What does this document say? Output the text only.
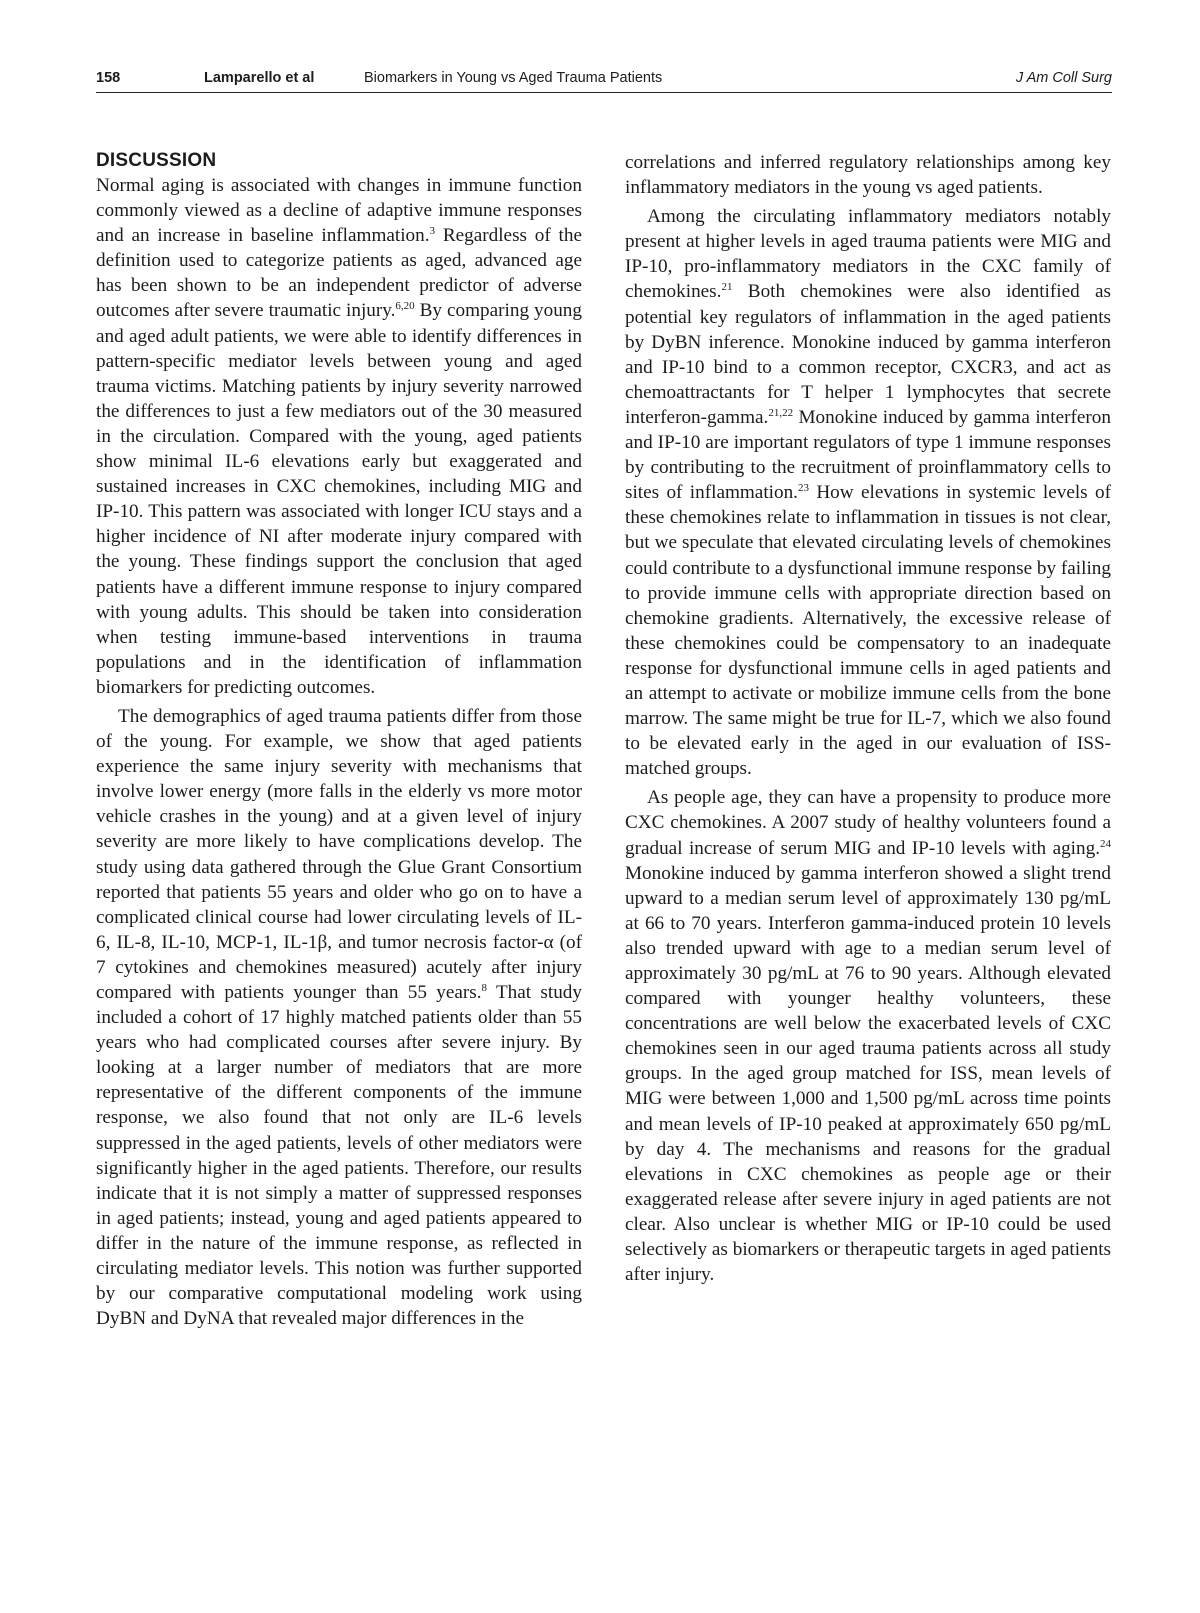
158	Lamparello et al	Biomarkers in Young vs Aged Trauma Patients	J Am Coll Surg
DISCUSSION

Normal aging is associated with changes in immune function commonly viewed as a decline of adaptive immune responses and an increase in baseline inflammation.$^3$ Regardless of the definition used to categorize patients as aged, advanced age has been shown to be an independent predictor of adverse outcomes after severe traumatic injury.$^{6,20}$ By comparing young and aged adult patients, we were able to identify differences in pattern-specific mediator levels between young and aged trauma victims. Matching patients by injury severity narrowed the differences to just a few mediators out of the 30 measured in the circulation. Compared with the young, aged patients show minimal IL-6 elevations early but exaggerated and sustained increases in CXC chemokines, including MIG and IP-10. This pattern was associated with longer ICU stays and a higher incidence of NI after moderate injury compared with the young. These findings support the conclusion that aged patients have a different immune response to injury compared with young adults. This should be taken into consideration when testing immune-based interventions in trauma populations and in the identification of inflammation biomarkers for predicting outcomes.

The demographics of aged trauma patients differ from those of the young. For example, we show that aged patients experience the same injury severity with mechanisms that involve lower energy (more falls in the elderly vs more motor vehicle crashes in the young) and at a given level of injury severity are more likely to have complications develop. The study using data gathered through the Glue Grant Consortium reported that patients 55 years and older who go on to have a complicated clinical course had lower circulating levels of IL-6, IL-8, IL-10, MCP-1, IL-1β, and tumor necrosis factor-α (of 7 cytokines and chemokines measured) acutely after injury compared with patients younger than 55 years.$^8$ That study included a cohort of 17 highly matched patients older than 55 years who had complicated courses after severe injury. By looking at a larger number of mediators that are more representative of the different components of the immune response, we also found that not only are IL-6 levels suppressed in the aged patients, levels of other mediators were significantly higher in the aged patients. Therefore, our results indicate that it is not simply a matter of suppressed responses in aged patients; instead, young and aged patients appeared to differ in the nature of the immune response, as reflected in circulating mediator levels. This notion was further supported by our comparative computational modeling work using DyBN and DyNA that revealed major differences in the

correlations and inferred regulatory relationships among key inflammatory mediators in the young vs aged patients.

Among the circulating inflammatory mediators notably present at higher levels in aged trauma patients were MIG and IP-10, pro-inflammatory mediators in the CXC family of chemokines.$^{21}$ Both chemokines were also identified as potential key regulators of inflammation in the aged patients by DyBN inference. Monokine induced by gamma interferon and IP-10 bind to a common receptor, CXCR3, and act as chemoattractants for T helper 1 lymphocytes that secrete interferon-gamma.$^{21,22}$ Monokine induced by gamma interferon and IP-10 are important regulators of type 1 immune responses by contributing to the recruitment of proinflammatory cells to sites of inflammation.$^{23}$ How elevations in systemic levels of these chemokines relate to inflammation in tissues is not clear, but we speculate that elevated circulating levels of chemokines could contribute to a dysfunctional immune response by failing to provide immune cells with appropriate direction based on chemokine gradients. Alternatively, the excessive release of these chemokines could be compensatory to an inadequate response for dysfunctional immune cells in aged patients and an attempt to activate or mobilize immune cells from the bone marrow. The same might be true for IL-7, which we also found to be elevated early in the aged in our evaluation of ISS-matched groups.

As people age, they can have a propensity to produce more CXC chemokines. A 2007 study of healthy volunteers found a gradual increase of serum MIG and IP-10 levels with aging.$^{24}$ Monokine induced by gamma interferon showed a slight trend upward to a median serum level of approximately 130 pg/mL at 66 to 70 years. Interferon gamma-induced protein 10 levels also trended upward with age to a median serum level of approximately 30 pg/mL at 76 to 90 years. Although elevated compared with younger healthy volunteers, these concentrations are well below the exacerbated levels of CXC chemokines seen in our aged trauma patients across all study groups. In the aged group matched for ISS, mean levels of MIG were between 1,000 and 1,500 pg/mL across time points and mean levels of IP-10 peaked at approximately 650 pg/mL by day 4. The mechanisms and reasons for the gradual elevations in CXC chemokines as people age or their exaggerated release after severe injury in aged patients are not clear. Also unclear is whether MIG or IP-10 could be used selectively as biomarkers or therapeutic targets in aged patients after injury.
